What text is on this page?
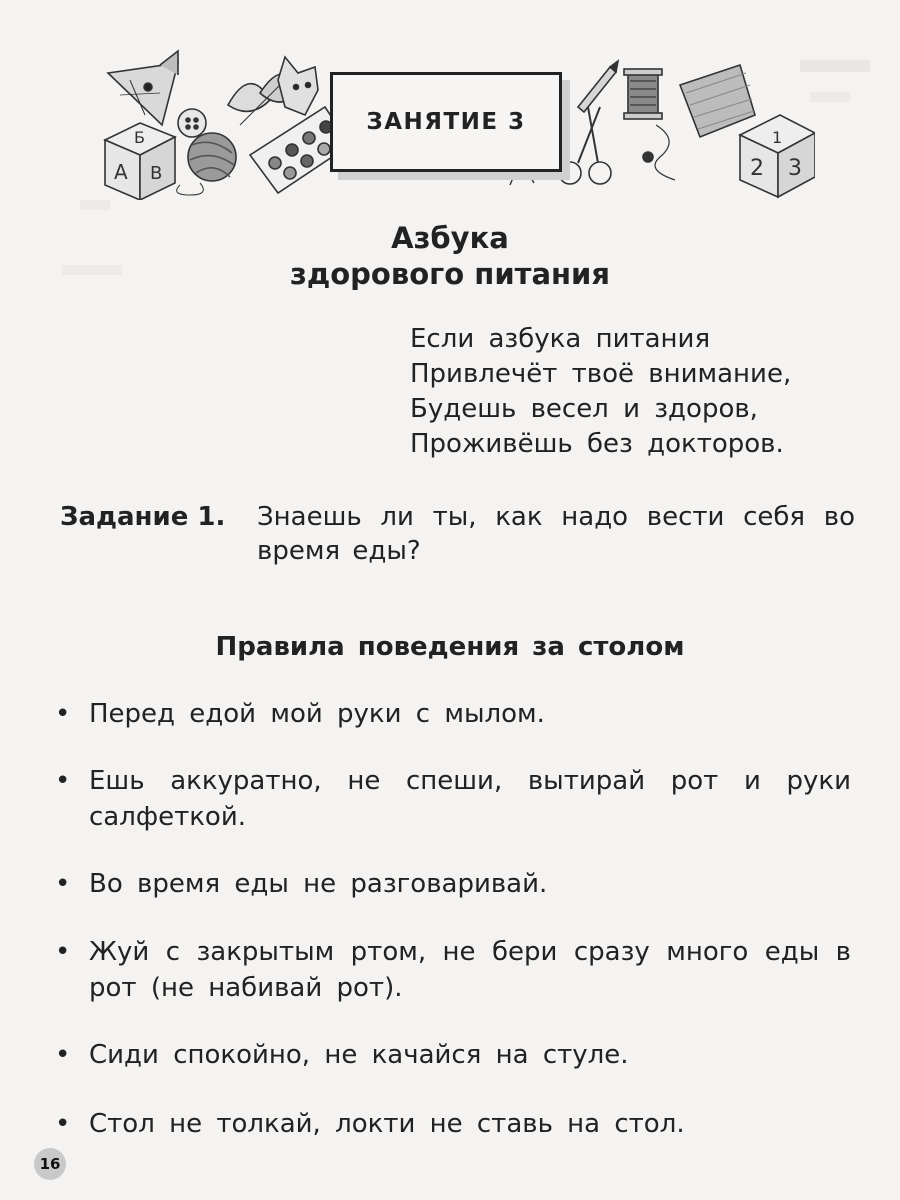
Б
А В
1
2 3
ЗАНЯТИЕ 3
Азбука
здорового питания
Если азбука питания
Привлечёт твоё внимание,
Будешь весел и здоров,
Проживёшь без докторов.
Задание 1. Знаешь ли ты, как надо вести себя во время еды?
Правила поведения за столом
• Перед едой мой руки с мылом.
• Ешь аккуратно, не спеши, вытирай рот и руки салфеткой.
• Во время еды не разговаривай.
• Жуй с закрытым ртом, не бери сразу много еды в рот (не набивай рот).
• Сиди спокойно, не качайся на стуле.
• Стол не толкай, локти не ставь на стол.
16
